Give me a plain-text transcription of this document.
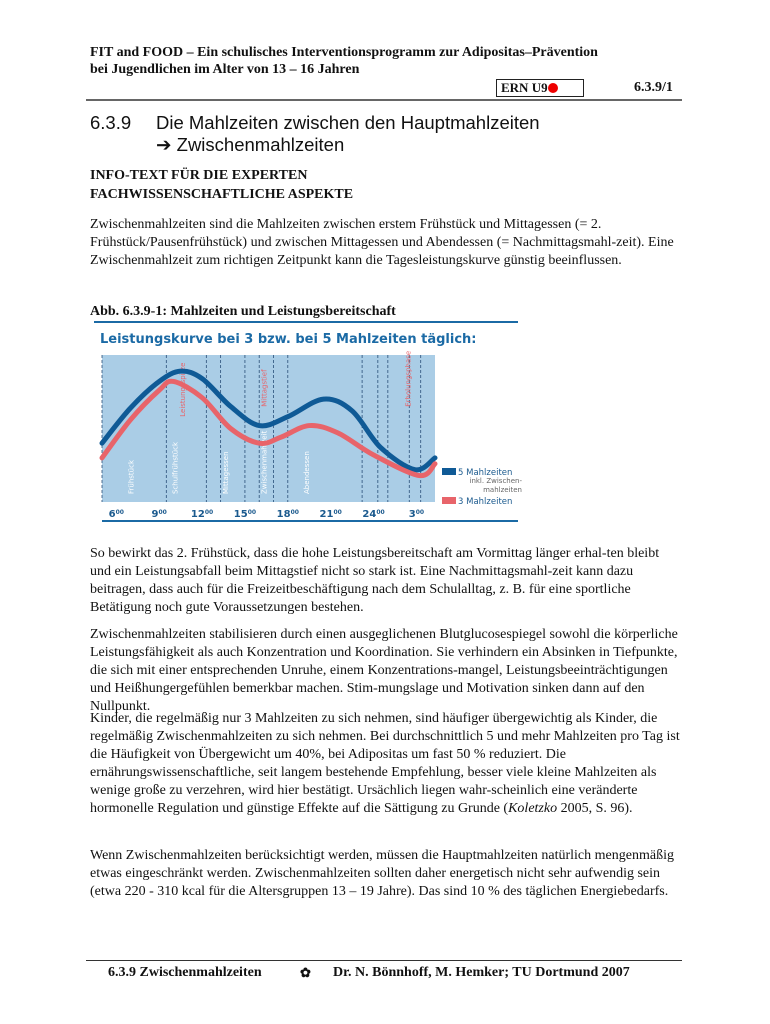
FIT and FOOD – Ein schulisches Interventionsprogramm zur Adipositas–Prävention
bei Jugendlichen im Alter von 13 – 16 Jahren
ERN U9	6.3.9/1
6.3.9 Die Mahlzeiten zwischen den Hauptmahlzeiten
➔ Zwischenmahlzeiten
INFO-TEXT FÜR DIE EXPERTEN
FACHWISSENSCHAFTLICHE ASPEKTE
Zwischenmahlzeiten sind die Mahlzeiten zwischen erstem Frühstück und Mittagessen (= 2. Frühstück/Pausenfrühstück) und zwischen Mittagessen und Abendessen (= Nachmittagsmahl-zeit). Eine Zwischenmahlzeit zum richtigen Zeitpunkt kann die Tagesleistungskurve günstig beeinflussen.
Abb. 6.3.9-1: Mahlzeiten und Leistungsbereitschaft
Leistungskurve bei 3 bzw. bei 5 Mahlzeiten täglich:
Frühstück	Schulfrühstück
Leistungsspitze
Mittagessen	Zwischenmahlzeit
Mittagstief
Abendessen
Erholungsphase
$6^{00}$	$9^{00}$ $12^{00}$ $15^{00}$ $18^{00}$ $21^{00}$ $24^{00}$ $3^{00}$
5 Mahlzeiten
inkl. Zwischen-mahlzeiten
3 Mahlzeiten
So bewirkt das 2. Frühstück, dass die hohe Leistungsbereitschaft am Vormittag länger erhal-ten bleibt und ein Leistungsabfall beim Mittagstief nicht so stark ist. Eine Nachmittagsmahl-zeit kann dazu beitragen, dass auch für die Freizeitbeschäftigung nach dem Schulalltag, z. B. für eine sportliche Betätigung noch gute Voraussetzungen bestehen.
Zwischenmahlzeiten stabilisieren durch einen ausgeglichenen Blutglucosespiegel sowohl die körperliche Leistungsfähigkeit als auch Konzentration und Koordination. Sie verhindern ein Absinken in Tiefpunkte, die sich mit einer entsprechenden Unruhe, einem Konzentrations-mangel, Leistungsbeeinträchtigungen und Heißhungergefühlen bemerkbar machen. Stim-mungslage und Motivation sinken dann auf den Nullpunkt.
Kinder, die regelmäßig nur 3 Mahlzeiten zu sich nehmen, sind häufiger übergewichtig als Kinder, die regelmäßig Zwischenmahlzeiten zu sich nehmen. Bei durchschnittlich 5 und mehr Mahlzeiten pro Tag ist die Häufigkeit von Übergewicht um 40%, bei Adipositas um fast 50 % reduziert. Die ernährungswissenschaftliche, seit langem bestehende Empfehlung, besser viele kleine Mahlzeiten als wenige große zu verzehren, wird hier bestätigt. Ursächlich liegen wahr-scheinlich eine veränderte hormonelle Regulation und günstige Effekte auf die Sättigung zu Grunde (Koletzko 2005, S. 96).
Wenn Zwischenmahlzeiten berücksichtigt werden, müssen die Hauptmahlzeiten natürlich mengenmäßig etwas eingeschränkt werden. Zwischenmahlzeiten sollten daher energetisch nicht sehr aufwendig sein (etwa 220 - 310 kcal für die Altersgruppen 13 – 19 Jahre). Das sind 10 % des täglichen Energiebedarfs.
6.3.9 Zwischenmahlzeiten	✿ Dr. N. Bönnhoff, M. Hemker; TU Dortmund 2007
